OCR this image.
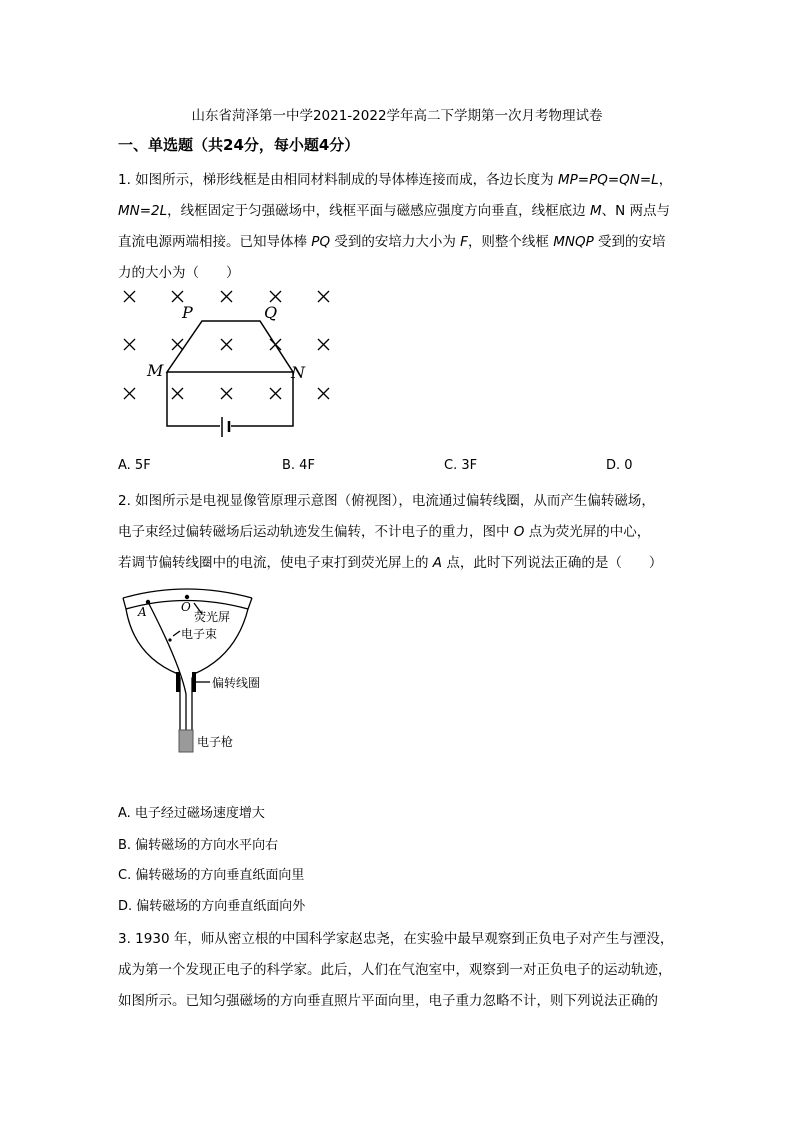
山东省菏泽第一中学2021-2022学年高二下学期第一次月考物理试卷
一、单选题（共24分，每小题4分）
1. 如图所示，梯形线框是由相同材料制成的导体棒连接而成，各边长度为 MP=PQ=QN=L，
MN=2L，线框固定于匀强磁场中，线框平面与磁感应强度方向垂直，线框底边 M、N 两点与
直流电源两端相接。已知导体棒 PQ 受到的安培力大小为 F，则整个线框 MNQP 受到的安培
力的大小为（　　）
P	Q
M	N
A. 5F	B. 4F	C. 3F	D. 0
2. 如图所示是电视显像管原理示意图（俯视图），电流通过偏转线圈，从而产生偏转磁场，
电子束经过偏转磁场后运动轨迹发生偏转，不计电子的重力，图中 O 点为荧光屏的中心，
若调节偏转线圈中的电流，使电子束打到荧光屏上的 A 点，此时下列说法正确的是（　　）
A	O
荧光屏
电子束
偏转线圈
电子枪
A. 电子经过磁场速度增大
B. 偏转磁场的方向水平向右
C. 偏转磁场的方向垂直纸面向里
D. 偏转磁场的方向垂直纸面向外
3. 1930 年，师从密立根的中国科学家赵忠尧，在实验中最早观察到正负电子对产生与湮没，
成为第一个发现正电子的科学家。此后，人们在气泡室中，观察到一对正负电子的运动轨迹，
如图所示。已知匀强磁场的方向垂直照片平面向里，电子重力忽略不计，则下列说法正确的
